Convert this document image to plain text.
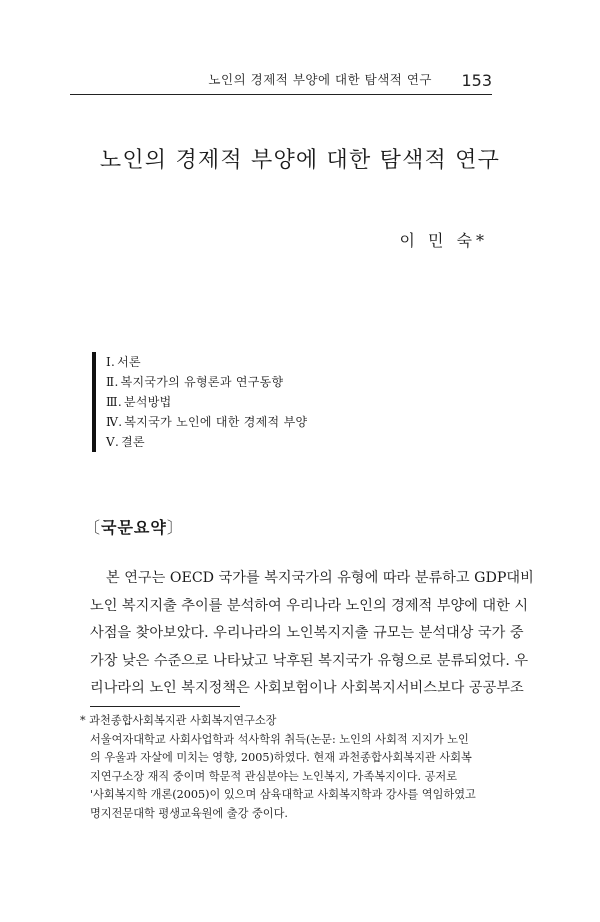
노인의 경제적 부양에 대한 탐색적 연구 153
노인의 경제적 부양에 대한 탐색적 연구
이 민 숙*
Ⅰ. 서론
Ⅱ. 복지국가의 유형론과 연구동향
Ⅲ. 분석방법
Ⅳ. 복지국가 노인에 대한 경제적 부양
Ⅴ. 결론
〔국문요약〕
본 연구는 OECD 국가를 복지국가의 유형에 따라 분류하고 GDP대비
노인 복지지출 추이를 분석하여 우리나라 노인의 경제적 부양에 대한 시
사점을 찾아보았다. 우리나라의 노인복지지출 규모는 분석대상 국가 중
가장 낮은 수준으로 나타났고 낙후된 복지국가 유형으로 분류되었다. 우
리나라의 노인 복지정책은 사회보험이나 사회복지서비스보다 공공부조
* 과천종합사회복지관 사회복지연구소장
서울여자대학교 사회사업학과 석사학위 취득(논문: 노인의 사회적 지지가 노인
의 우울과 자살에 미치는 영향, 2005)하였다. 현재 과천종합사회복지관 사회복
지연구소장 재직 중이며 학문적 관심분야는 노인복지, 가족복지이다. 공저로
'사회복지학 개론(2005)이 있으며 삼육대학교 사회복지학과 강사를 역임하였고
명지전문대학 평생교육원에 출강 중이다.
